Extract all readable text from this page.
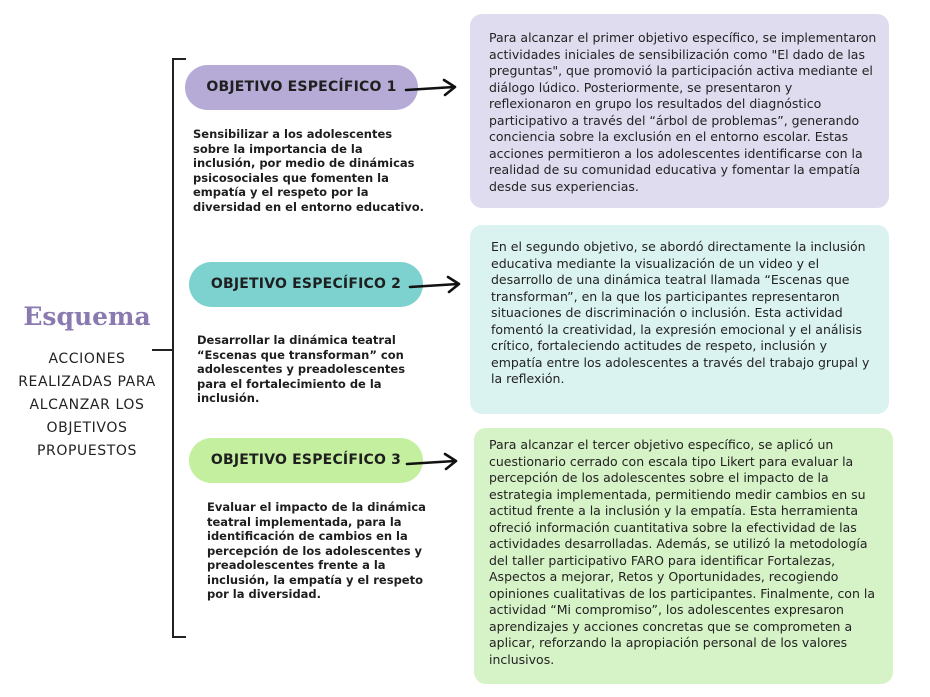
Esquema
ACCIONES
REALIZADAS PARA
ALCANZAR LOS
OBJETIVOS
PROPUESTOS
OBJETIVO ESPECÍFICO 1
Sensibilizar a los adolescentes sobre la importancia de la inclusión, por medio de dinámicas psicosociales que fomenten la empatía y el respeto por la diversidad en el entorno educativo.
Para alcanzar el primer objetivo específico, se implementaron actividades iniciales de sensibilización como "El dado de las preguntas", que promovió la participación activa mediante el diálogo lúdico. Posteriormente, se presentaron y reflexionaron en grupo los resultados del diagnóstico participativo a través del “árbol de problemas”, generando conciencia sobre la exclusión en el entorno escolar. Estas acciones permitieron a los adolescentes identificarse con la realidad de su comunidad educativa y fomentar la empatía desde sus experiencias.
OBJETIVO ESPECÍFICO 2
Desarrollar la dinámica teatral “Escenas que transforman” con adolescentes y preadolescentes para el fortalecimiento de la inclusión.
En el segundo objetivo, se abordó directamente la inclusión educativa mediante la visualización de un video y el desarrollo de una dinámica teatral llamada “Escenas que transforman”, en la que los participantes representaron situaciones de discriminación o inclusión. Esta actividad fomentó la creatividad, la expresión emocional y el análisis crítico, fortaleciendo actitudes de respeto, inclusión y empatía entre los adolescentes a través del trabajo grupal y la reflexión.
OBJETIVO ESPECÍFICO 3
Evaluar el impacto de la dinámica teatral implementada, para la identificación de cambios en la percepción de los adolescentes y preadolescentes frente a la inclusión, la empatía y el respeto por la diversidad.
Para alcanzar el tercer objetivo específico, se aplicó un cuestionario cerrado con escala tipo Likert para evaluar la percepción de los adolescentes sobre el impacto de la estrategia implementada, permitiendo medir cambios en su actitud frente a la inclusión y la empatía. Esta herramienta ofreció información cuantitativa sobre la efectividad de las actividades desarrolladas. Además, se utilizó la metodología del taller participativo FARO para identificar Fortalezas, Aspectos a mejorar, Retos y Oportunidades, recogiendo opiniones cualitativas de los participantes. Finalmente, con la actividad “Mi compromiso”, los adolescentes expresaron aprendizajes y acciones concretas que se comprometen a aplicar, reforzando la apropiación personal de los valores inclusivos.
